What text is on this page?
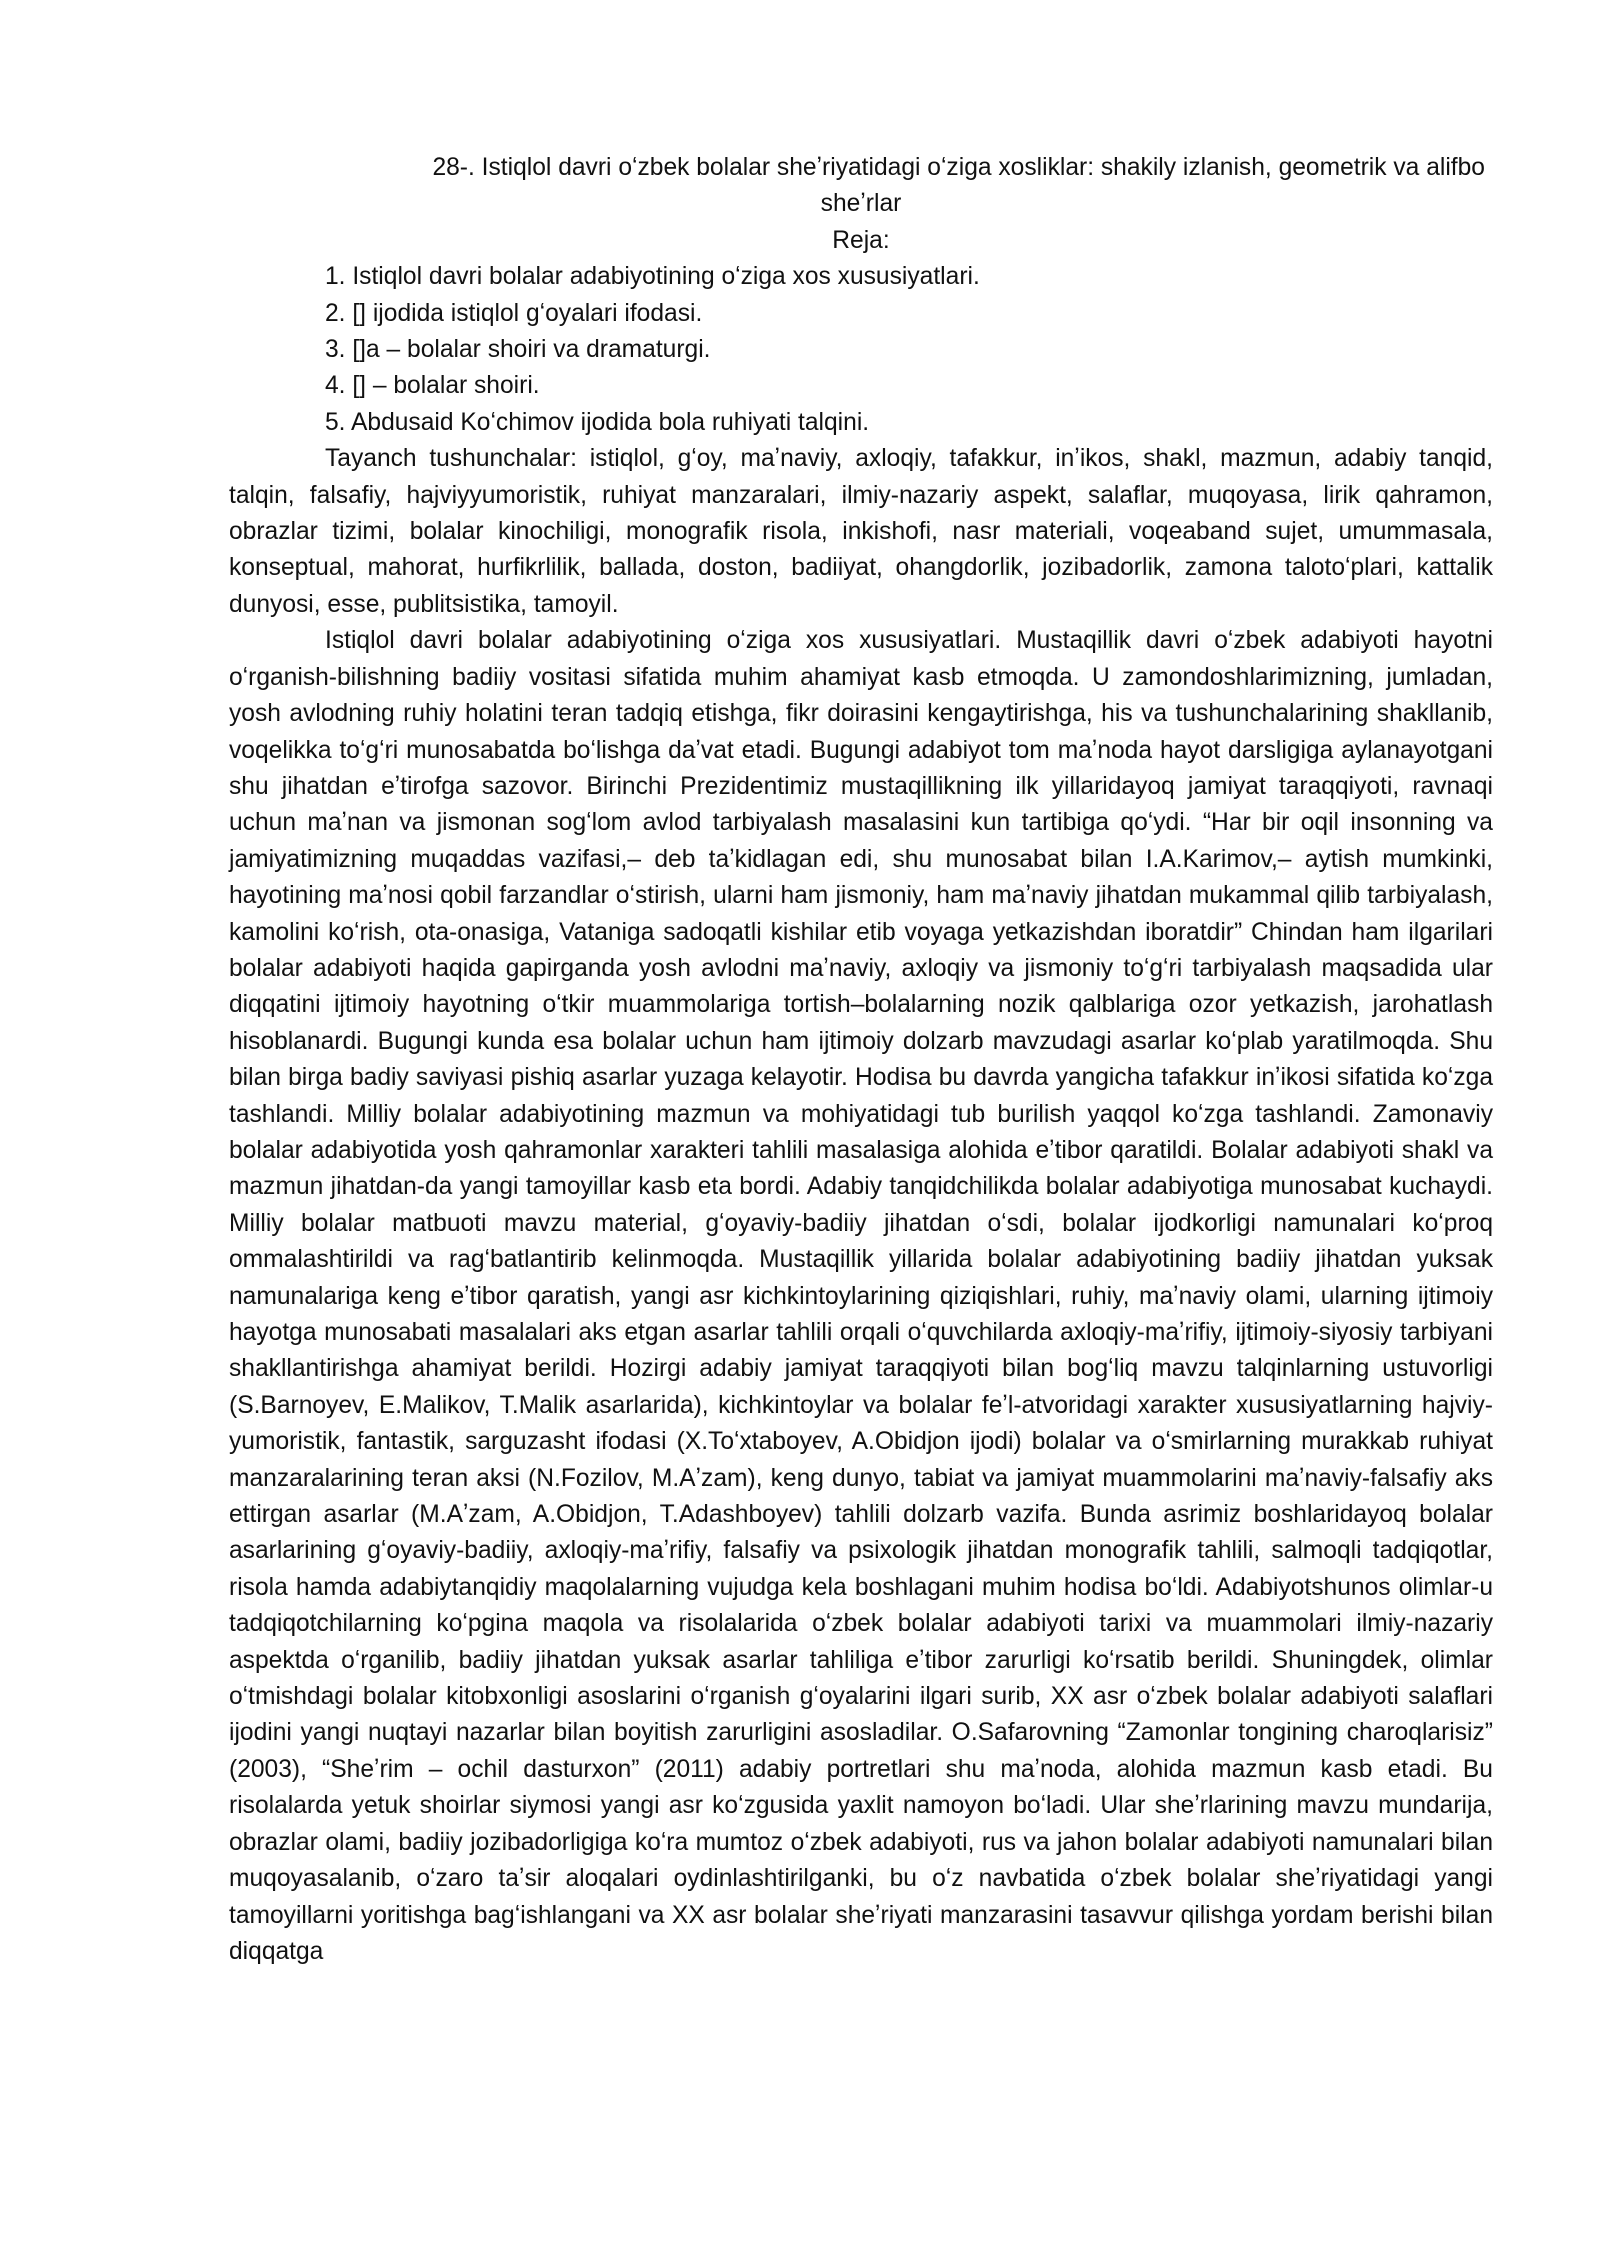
28-. Istiqlol davri oʻzbek bolalar sheʼriyatidagi oʻziga xosliklar: shakily izlanish, geometrik va alifbo
sheʼrlar

Reja:

1. Istiqlol davri bolalar adabiyotining oʻziga xos xususiyatlari.

2. [] ijodida istiqlol gʻoyalari ifodasi.

3. []a – bolalar shoiri va dramaturgi.

4. [] – bolalar shoiri.

5. Abdusaid Koʻchimov ijodida bola ruhiyati talqini.

Tayanch tushunchalar: istiqlol, gʻoy, maʼnaviy, axloqiy, tafakkur, inʼikos, shakl, mazmun, adabiy tanqid, talqin, falsafiy, hajviyyumoristik, ruhiyat manzaralari, ilmiy-nazariy aspekt, salaflar, muqoyasa, lirik qahramon, obrazlar tizimi, bolalar kinochiligi, monografik risola, inkishofi, nasr materiali, voqeaband sujet, umummasala, konseptual, mahorat, hurfikrlilik, ballada, doston, badiiyat, ohangdorlik, jozibadorlik, zamona talotoʻplari, kattalik dunyosi, esse, publitsistika, tamoyil.

Istiqlol davri bolalar adabiyotining oʻziga xos xususiyatlari. Mustaqillik davri oʻzbek adabiyoti hayotni oʻrganish-bilishning badiiy vositasi sifatida muhim ahamiyat kasb etmoqda. U zamondoshlarimizning, jumladan, yosh avlodning ruhiy holatini teran tadqiq etishga, fikr doirasini kengaytirishga, his va tushunchalarining shakllanib, voqelikka toʻgʻri munosabatda boʻlishga daʼvat etadi. Bugungi adabiyot tom maʼnoda hayot darsligiga aylanayotgani shu jihatdan eʼtirofga sazovor. Birinchi Prezidentimiz mustaqillikning ilk yillaridayoq jamiyat taraqqiyoti, ravnaqi uchun maʼnan va jismonan sogʻlom avlod tarbiyalash masalasini kun tartibiga qoʻydi. “Har bir oqil insonning va jamiyatimizning muqaddas vazifasi,– deb taʼkidlagan edi, shu munosabat bilan I.A.Karimov,– aytish mumkinki, hayotining maʼnosi qobil farzandlar oʻstirish, ularni ham jismoniy, ham maʼnaviy jihatdan mukammal qilib tarbiyalash, kamolini koʻrish, ota-onasiga, Vataniga sadoqatli kishilar etib voyaga yetkazishdan iboratdir” Chindan ham ilgarilari bolalar adabiyoti haqida gapirganda yosh avlodni maʼnaviy, axloqiy va jismoniy toʻgʻri tarbiyalash maqsadida ular diqqatini ijtimoiy hayotning oʻtkir muammolariga tortish–bolalarning nozik qalblariga ozor yetkazish, jarohatlash hisoblanardi. Bugungi kunda esa bolalar uchun ham ijtimoiy dolzarb mavzudagi asarlar koʻplab yaratilmoqda. Shu bilan birga badiy saviyasi pishiq asarlar yuzaga kelayotir. Hodisa bu davrda yangicha tafakkur inʼikosi sifatida koʻzga tashlandi. Milliy bolalar adabiyotining mazmun va mohiyatidagi tub burilish yaqqol koʻzga tashlandi. Zamonaviy bolalar adabiyotida yosh qahramonlar xarakteri tahlili masalasiga alohida eʼtibor qaratildi. Bolalar adabiyoti shakl va mazmun jihatdan-da yangi tamoyillar kasb eta bordi. Adabiy tanqidchilikda bolalar adabiyotiga munosabat kuchaydi. Milliy bolalar matbuoti mavzu material, gʻoyaviy-badiiy jihatdan oʻsdi, bolalar ijodkorligi namunalari koʻproq ommalashtirildi va ragʻbatlantirib kelinmoqda. Mustaqillik yillarida bolalar adabiyotining badiiy jihatdan yuksak namunalariga keng eʼtibor qaratish, yangi asr kichkintoylarining qiziqishlari, ruhiy, maʼnaviy olami, ularning ijtimoiy hayotga munosabati masalalari aks etgan asarlar tahlili orqali oʻquvchilarda axloqiy-maʼrifiy, ijtimoiy-siyosiy tarbiyani shakllantirishga ahamiyat berildi. Hozirgi adabiy jamiyat taraqqiyoti bilan bogʻliq mavzu talqinlarning ustuvorligi (S.Barnoyev, E.Malikov, T.Malik asarlarida), kichkintoylar va bolalar feʼl-atvoridagi xarakter xususiyatlarning hajviy-yumoristik, fantastik, sarguzasht ifodasi (X.Toʻxtaboyev, A.Obidjon ijodi) bolalar va oʻsmirlarning murakkab ruhiyat manzaralarining teran aksi (N.Fozilov, M.Aʼzam), keng dunyo, tabiat va jamiyat muammolarini maʼnaviy-falsafiy aks ettirgan asarlar (M.Aʼzam, A.Obidjon, T.Adashboyev) tahlili dolzarb vazifa. Bunda asrimiz boshlaridayoq bolalar asarlarining gʻoyaviy-badiiy, axloqiy-maʼrifiy, falsafiy va psixologik jihatdan monografik tahlili, salmoqli tadqiqotlar, risola hamda adabiytanqidiy maqolalarning vujudga kela boshlagani muhim hodisa boʻldi. Adabiyotshunos olimlar-u tadqiqotchilarning koʻpgina maqola va risolalarida oʻzbek bolalar adabiyoti tarixi va muammolari ilmiy-nazariy aspektda oʻrganilib, badiiy jihatdan yuksak asarlar tahliliga eʼtibor zarurligi koʻrsatib berildi. Shuningdek, olimlar oʻtmishdagi bolalar kitobxonligi asoslarini oʻrganish gʻoyalarini ilgari surib, XX asr oʻzbek bolalar adabiyoti salaflari ijodini yangi nuqtayi nazarlar bilan boyitish zarurligini asosladilar. O.Safarovning “Zamonlar tongining charoqlarisiz” (2003), “Sheʼrim – ochil dasturxon” (2011) adabiy portretlari shu maʼnoda, alohida mazmun kasb etadi. Bu risolalarda yetuk shoirlar siymosi yangi asr koʻzgusida yaxlit namoyon boʻladi. Ular sheʼrlarining mavzu mundarija, obrazlar olami, badiiy jozibadorligiga koʻra mumtoz oʻzbek adabiyoti, rus va jahon bolalar adabiyoti namunalari bilan muqoyasalanib, oʻzaro taʼsir aloqalari oydinlashtirilganki, bu oʻz navbatida oʻzbek bolalar sheʼriyatidagi yangi tamoyillarni yoritishga bagʻishlangani va XX asr bolalar sheʼriyati manzarasini tasavvur qilishga yordam berishi bilan diqqatga
